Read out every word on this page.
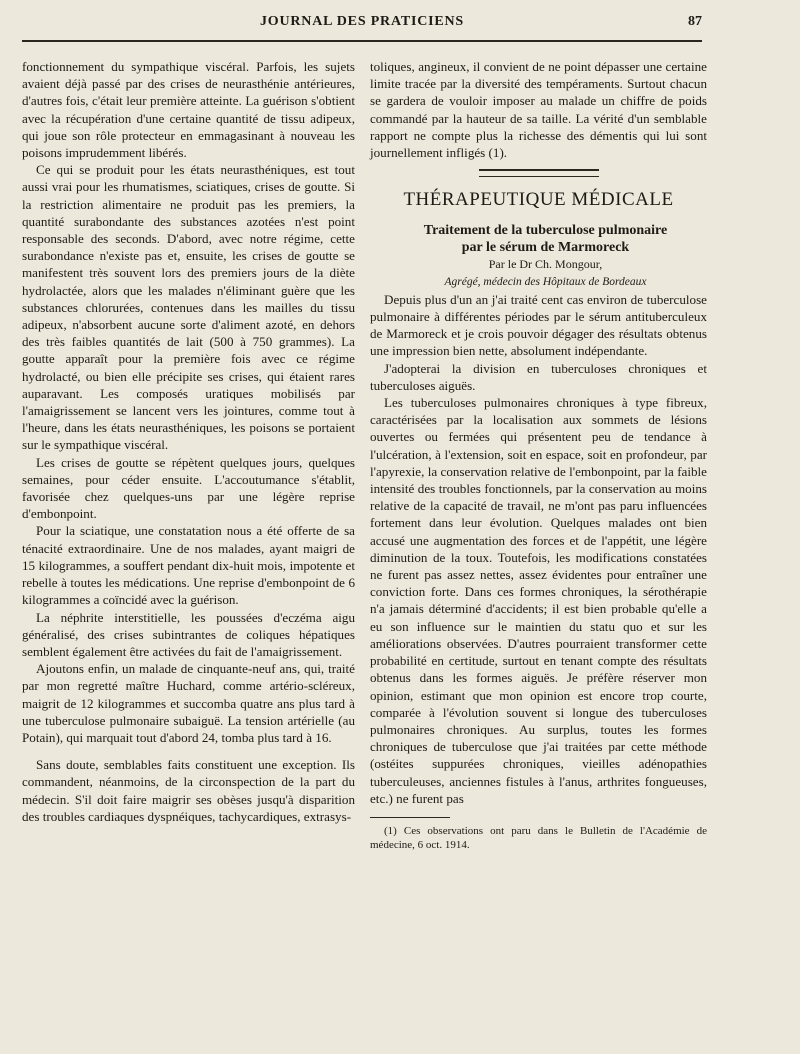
JOURNAL DES PRATICIENS	87

fonctionnement du sympathique viscéral. Parfois, les sujets avaient déjà passé par des crises de neurasthénie antérieures, d'autres fois, c'était leur première atteinte. La guérison s'obtient avec la récupération d'une certaine quantité de tissu adipeux, qui joue son rôle protecteur en emmagasinant à nouveau les poisons imprudemment libérés.

Ce qui se produit pour les états neurasthéniques, est tout aussi vrai pour les rhumatismes, sciatiques, crises de goutte. Si la restriction alimentaire ne produit pas les premiers, la quantité surabondante des substances azotées n'est point responsable des seconds. D'abord, avec notre régime, cette surabondance n'existe pas et, ensuite, les crises de goutte se manifestent très souvent lors des premiers jours de la diète hydrolactée, alors que les malades n'éliminant guère que les substances chlorurées, contenues dans les mailles du tissu adipeux, n'absorbent aucune sorte d'aliment azoté, en dehors des très faibles quantités de lait (500 à 750 grammes). La goutte apparaît pour la première fois avec ce régime hydrolacté, ou bien elle précipite ses crises, qui étaient rares auparavant. Les composés uratiques mobilisés par l'amaigrissement se lancent vers les jointures, comme tout à l'heure, dans les états neurasthéniques, les poisons se portaient sur le sympathique viscéral.

Les crises de goutte se répètent quelques jours, quelques semaines, pour céder ensuite. L'accoutumance s'établit, favorisée chez quelques-uns par une légère reprise d'embonpoint.

Pour la sciatique, une constatation nous a été offerte de sa ténacité extraordinaire. Une de nos malades, ayant maigri de 15 kilogrammes, a souffert pendant dix-huit mois, impotente et rebelle à toutes les médications. Une reprise d'embonpoint de 6 kilogrammes a coïncidé avec la guérison.

La néphrite interstitielle, les poussées d'eczéma aigu généralisé, des crises subintrantes de coliques hépatiques semblent également être activées du fait de l'amaigrissement.

Ajoutons enfin, un malade de cinquante-neuf ans, qui, traité par mon regretté maître Huchard, comme artério-scléreux, maigrit de 12 kilogrammes et succomba quatre ans plus tard à une tuberculose pulmonaire subaiguë. La tension artérielle (au Potain), qui marquait tout d'abord 24, tomba plus tard à 16.

Sans doute, semblables faits constituent une exception. Ils commandent, néanmoins, de la circonspection de la part du médecin. S'il doit faire maigrir ses obèses jusqu'à disparition des troubles cardiaques dyspnéiques, tachycardiques, extrasys-

toliques, angineux, il convient de ne point dépasser une certaine limite tracée par la diversité des tempéraments. Surtout chacun se gardera de vouloir imposer au malade un chiffre de poids commandé par la hauteur de sa taille. La vérité d'un semblable rapport ne compte plus la richesse des démentis qui lui sont journellement infligés (1).

THÉRAPEUTIQUE MÉDICALE

Traitement de la tuberculose pulmonaire

par le sérum de Marmoreck

Par le Dr Ch. Mongour,

Agrégé, médecin des Hôpitaux de Bordeaux

Depuis plus d'un an j'ai traité cent cas environ de tuberculose pulmonaire à différentes périodes par le sérum antituberculeux de Marmoreck et je crois pouvoir dégager des résultats obtenus une impression bien nette, absolument indépendante.

J'adopterai la division en tuberculoses chroniques et tuberculoses aiguës.

Les tuberculoses pulmonaires chroniques à type fibreux, caractérisées par la localisation aux sommets de lésions ouvertes ou fermées qui présentent peu de tendance à l'ulcération, à l'extension, soit en espace, soit en profondeur, par l'apyrexie, la conservation relative de l'embonpoint, par la faible intensité des troubles fonctionnels, par la conservation au moins relative de la capacité de travail, ne m'ont pas paru influencées fortement dans leur évolution. Quelques malades ont bien accusé une augmentation des forces et de l'appétit, une légère diminution de la toux. Toutefois, les modifications constatées ne furent pas assez nettes, assez évidentes pour entraîner une conviction forte. Dans ces formes chroniques, la sérothérapie n'a jamais déterminé d'accidents; il est bien probable qu'elle a eu son influence sur le maintien du statu quo et sur les améliorations observées. D'autres pourraient transformer cette probabilité en certitude, surtout en tenant compte des résultats obtenus dans les formes aiguës. Je préfère réserver mon opinion, estimant que mon opinion est encore trop courte, comparée à l'évolution souvent si longue des tuberculoses pulmonaires chroniques. Au surplus, toutes les formes chroniques de tuberculose que j'ai traitées par cette méthode (ostéites suppurées chroniques, vieilles adénopathies tuberculeuses, anciennes fistules à l'anus, arthrites fongueuses, etc.) ne furent pas

(1) Ces observations ont paru dans le Bulletin de l'Académie de médecine, 6 oct. 1914.
